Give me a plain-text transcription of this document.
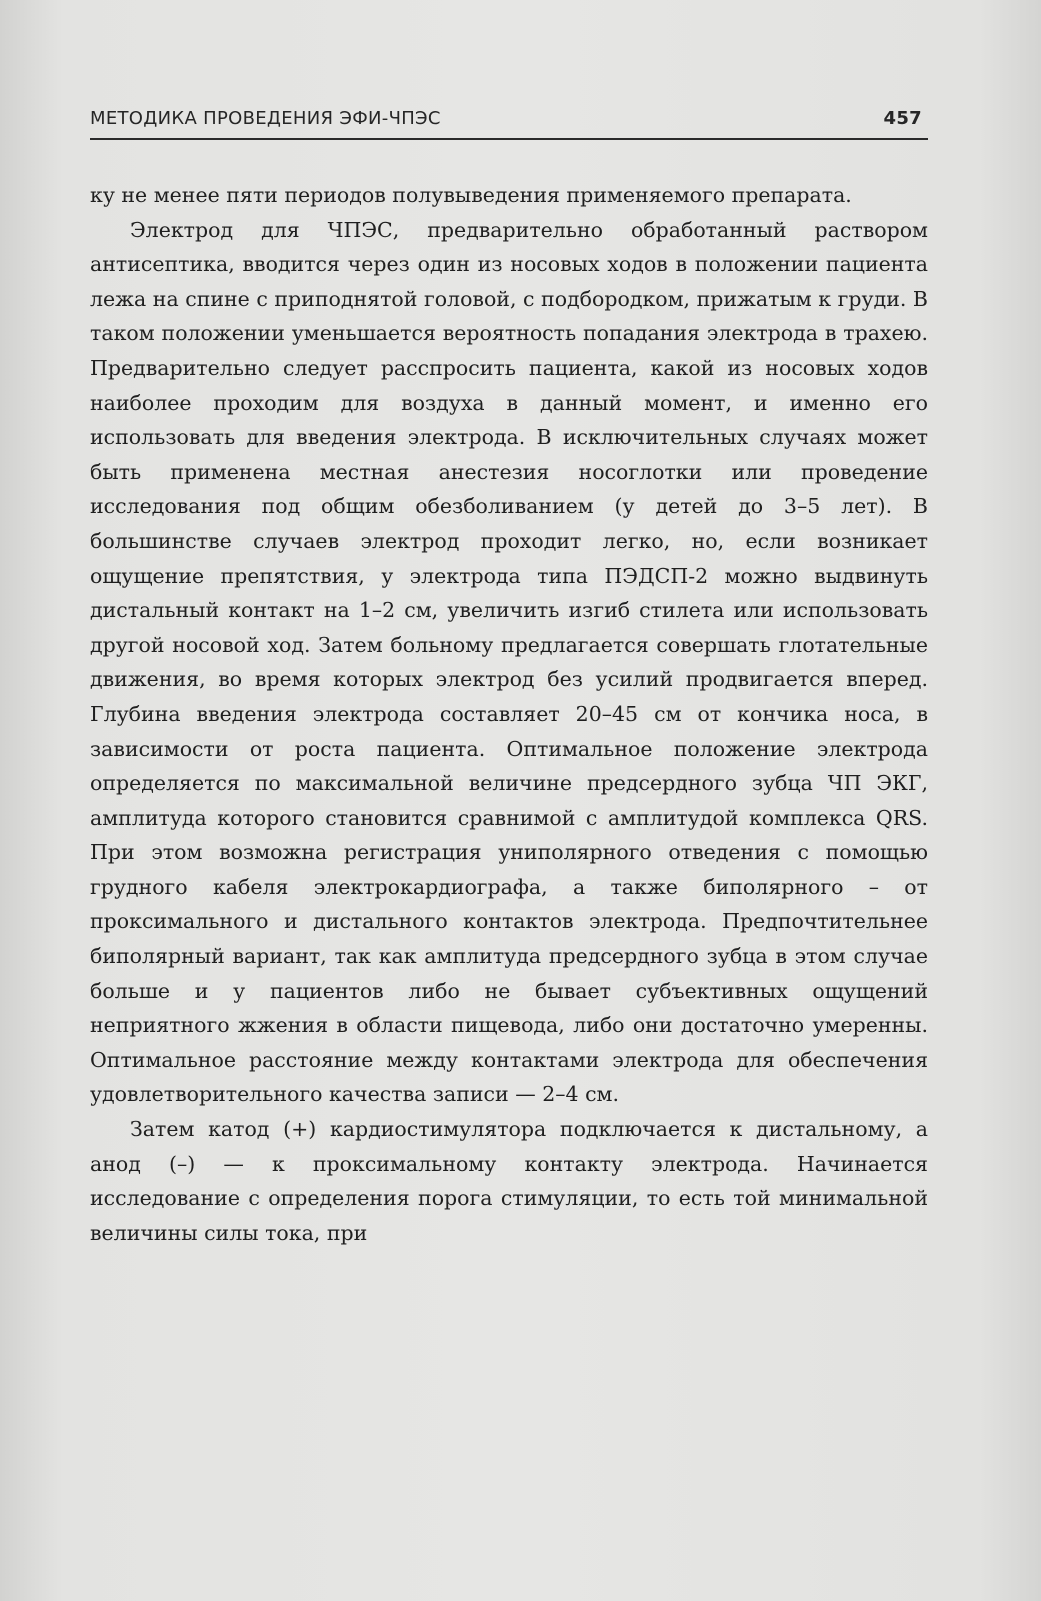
МЕТОДИКА ПРОВЕДЕНИЯ ЭФИ-ЧПЭС	457

ку не менее пяти периодов полувыведения применяемого препарата.

Электрод для ЧПЭС, предварительно обработанный раствором антисептика, вводится через один из носовых ходов в положении пациента лежа на спине с приподнятой головой, с подбородком, прижатым к груди. В таком положении уменьшается вероятность попадания электрода в трахею. Предварительно следует расспросить пациента, какой из носовых ходов наиболее проходим для воздуха в данный момент, и именно его использовать для введения электрода. В исключительных случаях может быть применена местная анестезия носоглотки или проведение исследования под общим обезболиванием (у детей до 3–5 лет). В большинстве случаев электрод проходит легко, но, если возникает ощущение препятствия, у электрода типа ПЭДСП-2 можно выдвинуть дистальный контакт на 1–2 см, увеличить изгиб стилета или использовать другой носовой ход. Затем больному предлагается совершать глотательные движения, во время которых электрод без усилий продвигается вперед. Глубина введения электрода составляет 20–45 см от кончика носа, в зависимости от роста пациента. Оптимальное положение электрода определяется по максимальной величине предсердного зубца ЧП ЭКГ, амплитуда которого становится сравнимой с амплитудой комплекса QRS. При этом возможна регистрация униполярного отведения с помощью грудного кабеля электрокардиографа, а также биполярного – от проксимального и дистального контактов электрода. Предпочтительнее биполярный вариант, так как амплитуда предсердного зубца в этом случае больше и у пациентов либо не бывает субъективных ощущений неприятного жжения в области пищевода, либо они достаточно умеренны. Оптимальное расстояние между контактами электрода для обеспечения удовлетворительного качества записи — 2–4 см.

Затем катод (+) кардиостимулятора подключается к дистальному, а анод (–) — к проксимальному контакту электрода. Начинается исследование с определения порога стимуляции, то есть той минимальной величины силы тока, при
